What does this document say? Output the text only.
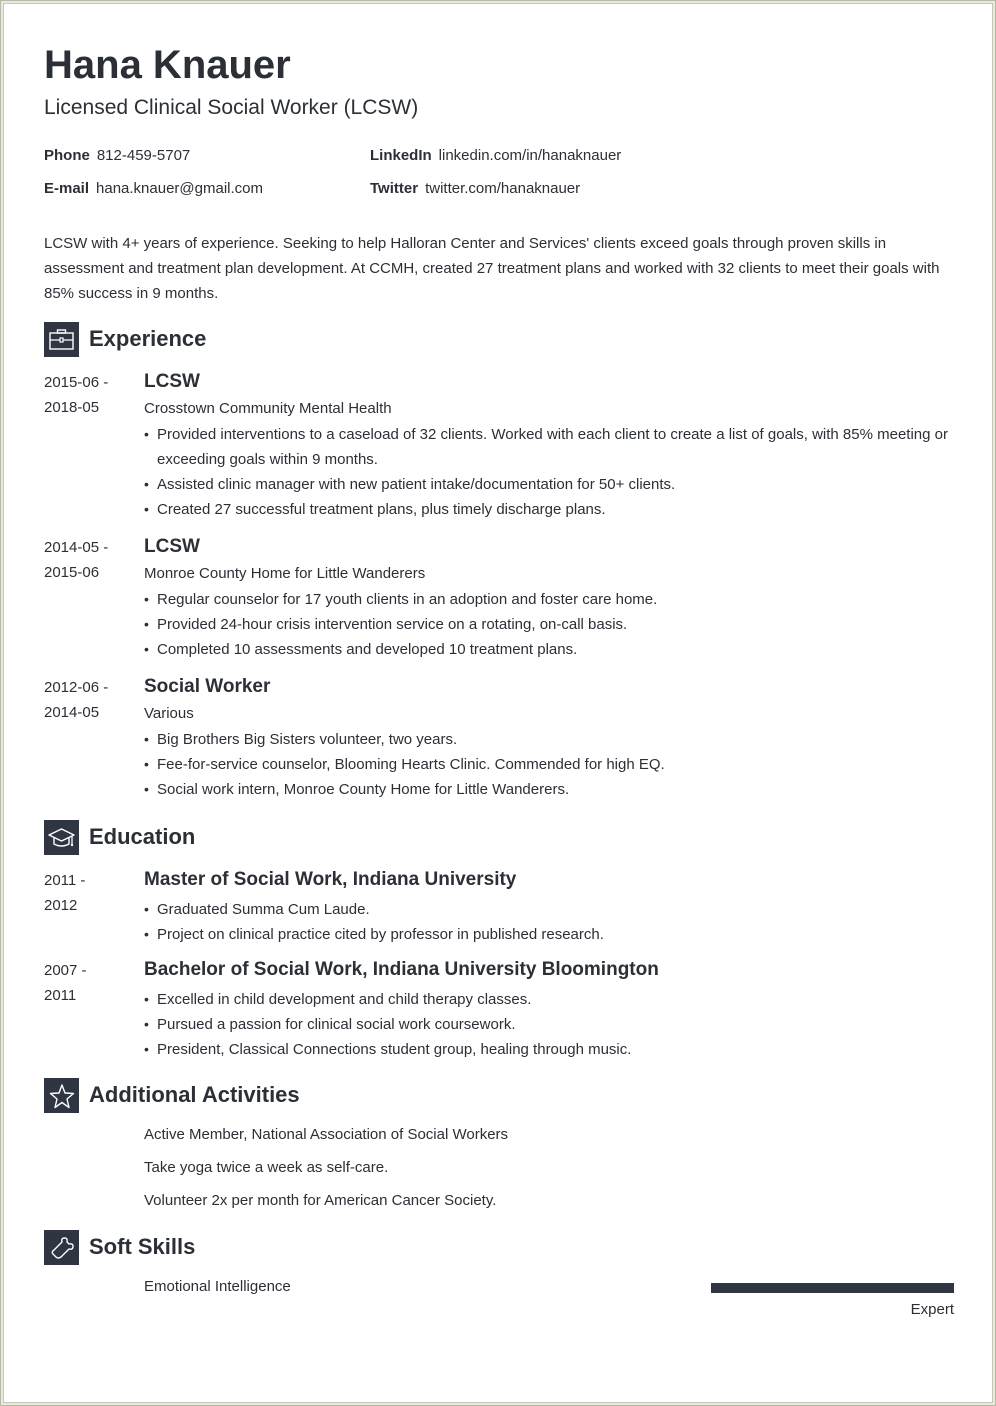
Hana Knauer
Licensed Clinical Social Worker (LCSW)
Phone 812-459-5707
E-mail hana.knauer@gmail.com
LinkedIn linkedin.com/in/hanaknauer
Twitter twitter.com/hanaknauer
LCSW with 4+ years of experience. Seeking to help Halloran Center and Services' clients exceed goals through proven skills in assessment and treatment plan development. At CCMH, created 27 treatment plans and worked with 32 clients to meet their goals with 85% success in 9 months.
Experience
2015-06 -
2018-05
LCSW
Crosstown Community Mental Health
• Provided interventions to a caseload of 32 clients. Worked with each client to create a list of goals, with 85% meeting or exceeding goals within 9 months.
• Assisted clinic manager with new patient intake/documentation for 50+ clients.
• Created 27 successful treatment plans, plus timely discharge plans.
2014-05 -
2015-06
LCSW
Monroe County Home for Little Wanderers
• Regular counselor for 17 youth clients in an adoption and foster care home.
• Provided 24-hour crisis intervention service on a rotating, on-call basis.
• Completed 10 assessments and developed 10 treatment plans.
2012-06 -
2014-05
Social Worker
Various
• Big Brothers Big Sisters volunteer, two years.
• Fee-for-service counselor, Blooming Hearts Clinic. Commended for high EQ.
• Social work intern, Monroe County Home for Little Wanderers.
Education
2011 -
2012
Master of Social Work, Indiana University
• Graduated Summa Cum Laude.
• Project on clinical practice cited by professor in published research.
2007 -
2011
Bachelor of Social Work, Indiana University Bloomington
• Excelled in child development and child therapy classes.
• Pursued a passion for clinical social work coursework.
• President, Classical Connections student group, healing through music.
Additional Activities
Active Member, National Association of Social Workers
Take yoga twice a week as self-care.
Volunteer 2x per month for American Cancer Society.
Soft Skills
Emotional Intelligence
Expert
